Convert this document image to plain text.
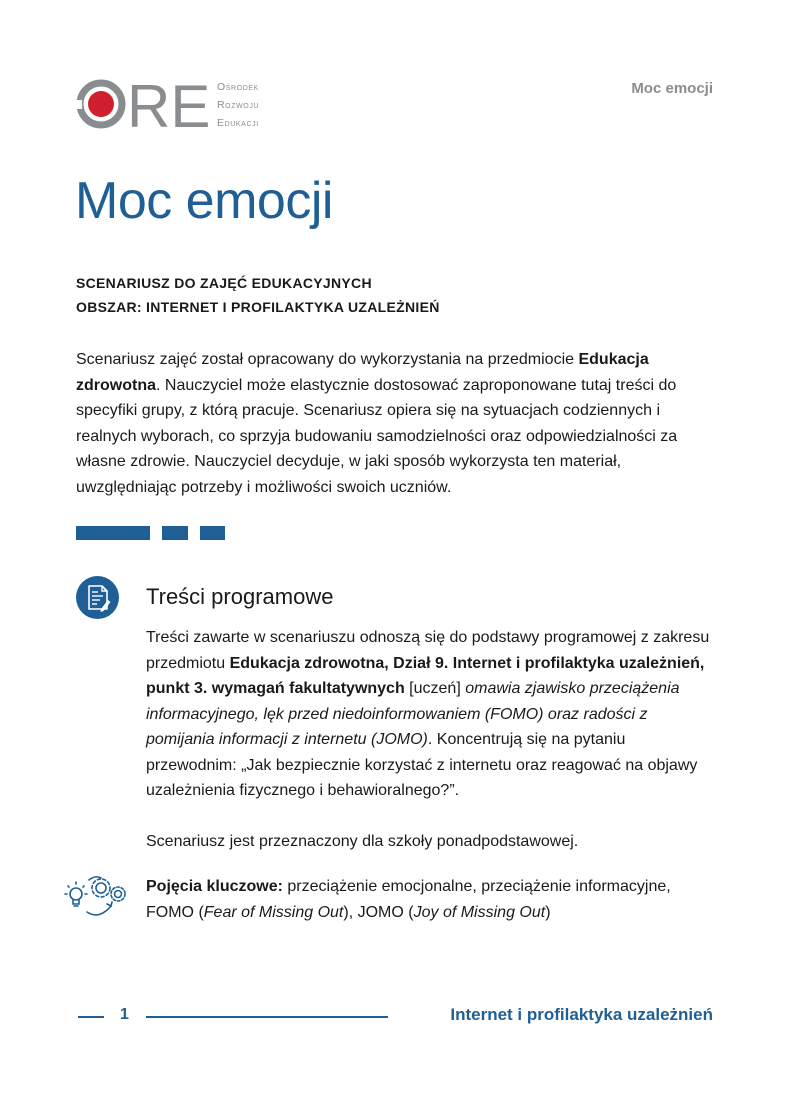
RE Ośrodek
Rozwoju
Edukacji
Moc emocji
Moc emocji
SCENARIUSZ DO ZAJĘĆ EDUKACYJNYCH
OBSZAR: INTERNET I PROFILAKTYKA UZALEŻNIEŃ
Scenariusz zajęć został opracowany do wykorzystania na przedmiocie Edukacja zdrowotna. Nauczyciel może elastycznie dostosować zaproponowane tutaj treści do specyfiki grupy, z którą pracuje. Scenariusz opiera się na sytuacjach codziennych i realnych wyborach, co sprzyja budowaniu samodzielności oraz odpowiedzialności za własne zdrowie. Nauczyciel decyduje, w jaki sposób wykorzysta ten materiał, uwzględniając potrzeby i możliwości swoich uczniów.
Treści programowe

Treści zawarte w scenariuszu odnoszą się do podstawy programowej z zakresu przedmiotu Edukacja zdrowotna, Dział 9. Internet i profilaktyka uzależnień, punkt 3. wymagań fakultatywnych [uczeń] omawia zjawisko przeciążenia informacyjnego, lęk przed niedoinformowaniem (FOMO) oraz radości z pomijania informacji z internetu (JOMO). Koncentrują się na pytaniu przewodnim: „Jak bezpiecznie korzystać z internetu oraz reagować na objawy uzależnienia fizycznego i behawioralnego?”.

Scenariusz jest przeznaczony dla szkoły ponadpodstawowej.

Pojęcia kluczowe: przeciążenie emocjonalne, przeciążenie informacyjne, FOMO (Fear of Missing Out), JOMO (Joy of Missing Out)
1	Internet i profilaktyka uzależnień
